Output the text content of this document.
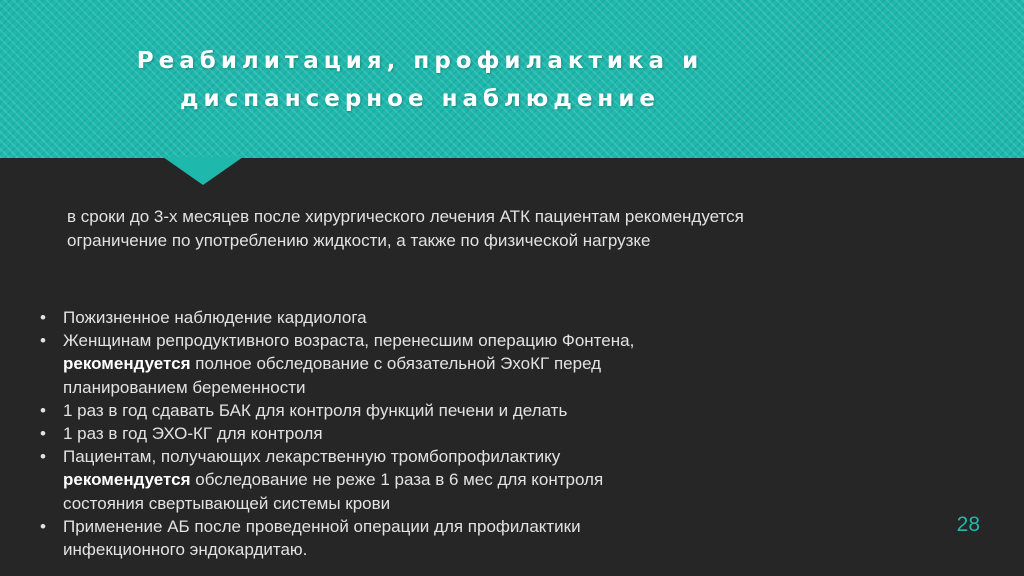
Реабилитация, профилактика и
диспансерное наблюдение
в сроки до 3-х месяцев после хирургического лечения АТК пациентам рекомендуется
ограничение по употреблению жидкости, а также по физической нагрузке
• Пожизненное наблюдение кардиолога
• Женщинам репродуктивного возраста, перенесшим операцию Фонтена,
рекомендуется полное обследование с обязательной ЭхоКГ перед
планированием беременности
• 1 раз в год сдавать БАК для контроля функций печени и делать
• 1 раз в год ЭХО-КГ для контроля
• Пациентам, получающих лекарственную тромбопрофилактику
рекомендуется обследование не реже 1 раза в 6 мес для контроля
состояния свертывающей системы крови
• Применение АБ после проведенной операции для профилактики
инфекционного эндокардитаю.
28
